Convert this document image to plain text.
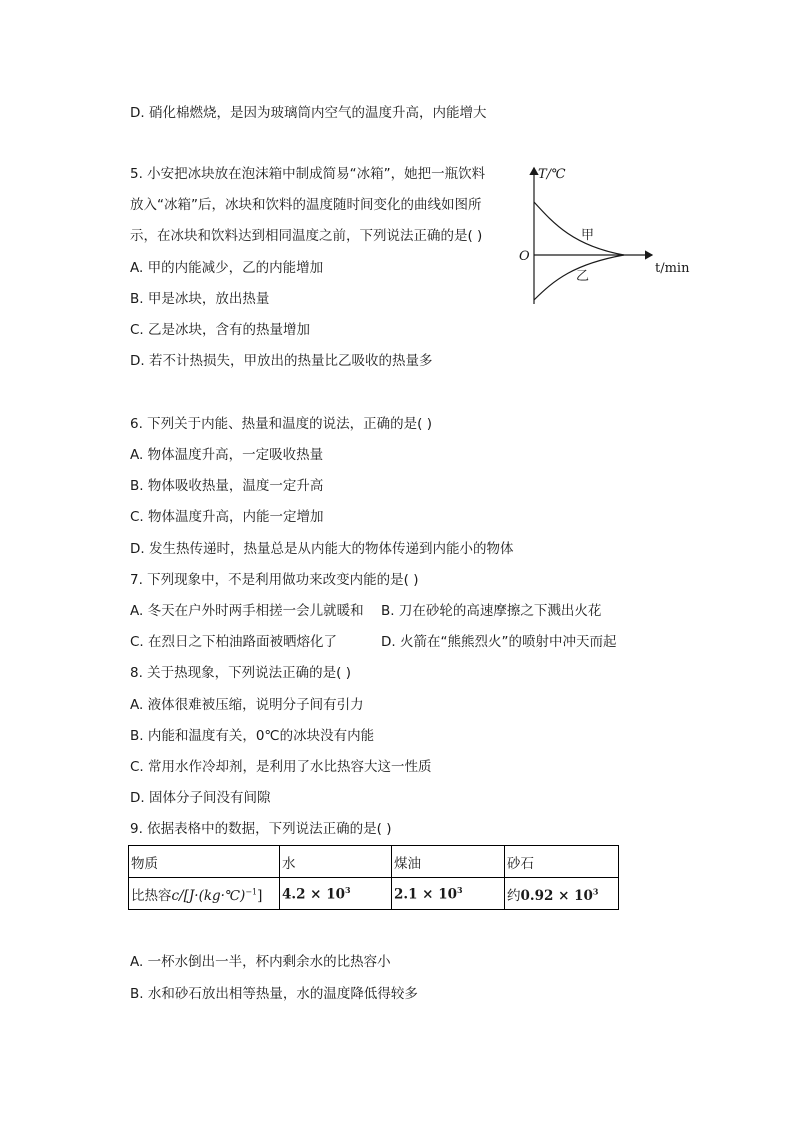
D. 硝化棉燃烧，是因为玻璃筒内空气的温度升高，内能增大
5. 小安把冰块放在泡沫箱中制成简易“冰箱”，她把一瓶饮料
放入“冰箱”后，冰块和饮料的温度随时间变化的曲线如图所
示，在冰块和饮料达到相同温度之前，下列说法正确的是( )
A. 甲的内能减少，乙的内能增加
B. 甲是冰块，放出热量
C. 乙是冰块，含有的热量增加
D. 若不计热损失，甲放出的热量比乙吸收的热量多
T/℃
t/min
O
甲
乙
6. 下列关于内能、热量和温度的说法，正确的是( )
A. 物体温度升高，一定吸收热量
B. 物体吸收热量，温度一定升高
C. 物体温度升高，内能一定增加
D. 发生热传递时，热量总是从内能大的物体传递到内能小的物体
7. 下列现象中，不是利用做功来改变内能的是( )
A. 冬天在户外时两手相搓一会儿就暖和 B. 刀在砂轮的高速摩擦之下溅出火花
C. 在烈日之下柏油路面被晒熔化了	D. 火箭在“熊熊烈火”的喷射中冲天而起
8. 关于热现象，下列说法正确的是( )
A. 液体很难被压缩，说明分子间有引力
B. 内能和温度有关，0℃的冰块没有内能
C. 常用水作冷却剂，是利用了水比热容大这一性质
D. 固体分子间没有间隙
9. 依据表格中的数据，下列说法正确的是( )
物质	水	煤油	砂石
比热容c/[J·(kg·℃)$^{-1}$]	$4.2 \times 10^3$	$2.1 \times 10^3$	约$0.92 \times 10^3$
A. 一杯水倒出一半，杯内剩余水的比热容小
B. 水和砂石放出相等热量，水的温度降低得较多
